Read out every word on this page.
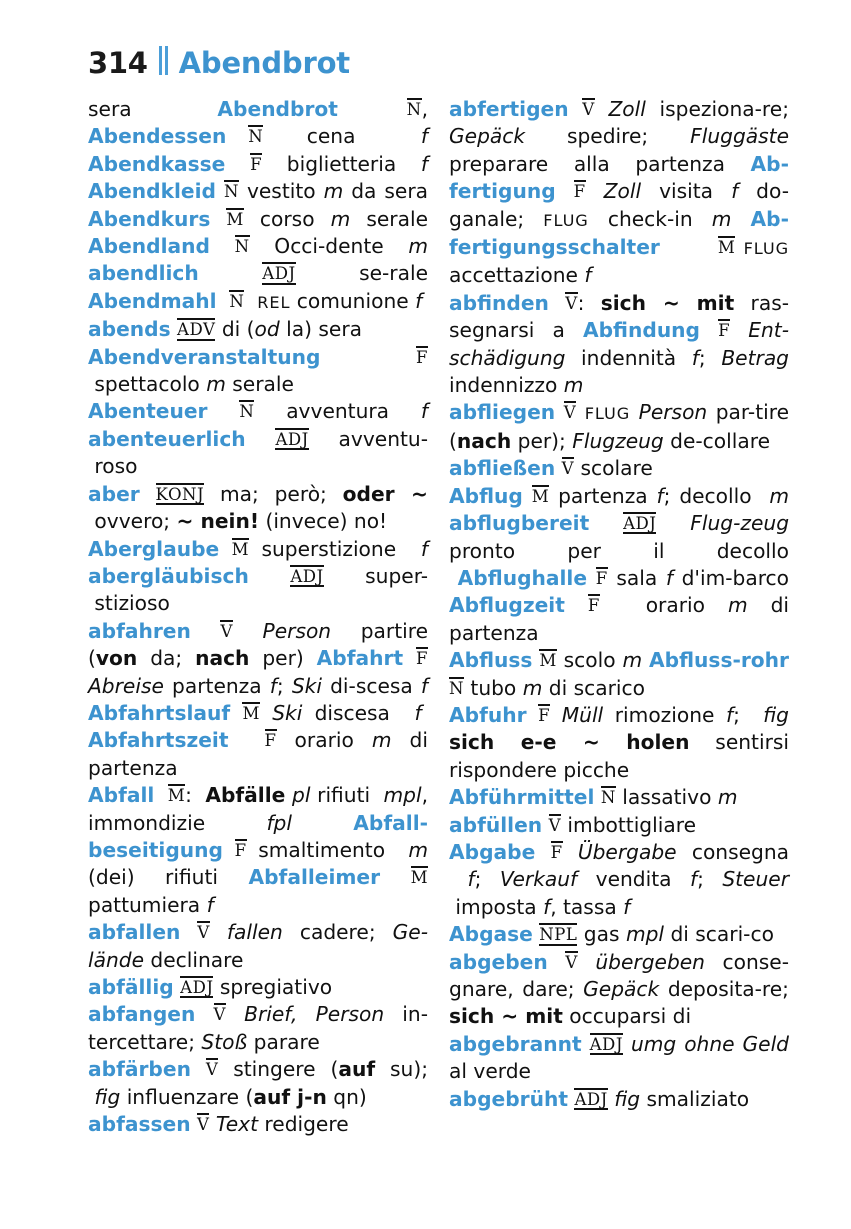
314 Abendbrot

sera     Abendbrot	N, Abendessen N  cena   f Abendkasse F biglietteria f Abendkleid N vestito m da sera Abendkurs M corso m serale Abendland N Occi-dente m abendlich	ADJ se-rale Abendmahl N REL comunione f

abends ADV di (od la) sera

Abendveranstaltung	F  spettacolo m serale

Abenteuer N avventura f abenteuerlich ADJ avventu- roso

aber KONJ ma; però; oder ~  ovvero; ~ nein! (invece) no!

Aberglaube M superstizione  f abergläubisch	ADJ super- stizioso

abfahren V Person  partire (von da; nach per) Abfahrt F Abreise partenza f; Ski di-scesa f Abfahrtslauf M Ski discesa  f  Abfahrtszeit F orario m di partenza

Abfall M:  Abfälle pl rifiuti  mpl, immondizie fpl	Abfall-beseitigung F smaltimento  m (dei) rifiuti Abfalleimer M pattumiera f

abfallen V fallen cadere; Ge-lände declinare

abfällig ADJ spregiativo

abfangen V Brief, Person in-tercettare; Stoß parare

abfärben V stingere (auf su);  fig influenzare (auf j-n qn)

abfassen V Text redigere

abfertigen V Zoll ispeziona-re; Gepäck spedire; Fluggäste preparare alla partenza Ab-fertigung F Zoll visita f do-ganale; FLUG check-in m Ab-fertigungsschalter	M FLUG accettazione f

abfinden V: sich ~ mit ras-segnarsi a Abfindung F Ent-schädigung indennità f; Betrag indennizzo m

abfliegen V FLUG Person par-tire (nach per); Flugzeug de-collare

abfließen V scolare

Abflug M partenza f; decollo  m abflugbereit ADJ Flug-zeug pronto  per  il  decollo  Abflughalle F sala f d'im-barco Abflugzeit F  orario m di partenza

Abfluss M scolo m Abfluss-rohr N tubo m di scarico

Abfuhr F Müll rimozione f;  fig sich e-e ~ holen sentirsi rispondere picche

Abführmittel N lassativo m

abfüllen V imbottigliare

Abgabe F Übergabe consegna  f; Verkauf vendita f; Steuer  imposta f, tassa f

Abgase NPL gas mpl di scari-co

abgeben V übergeben conse-gnare, dare; Gepäck deposita-re; sich ~ mit occuparsi di

abgebrannt ADJ umg ohne Geld al verde

abgebrüht ADJ fig smaliziato
